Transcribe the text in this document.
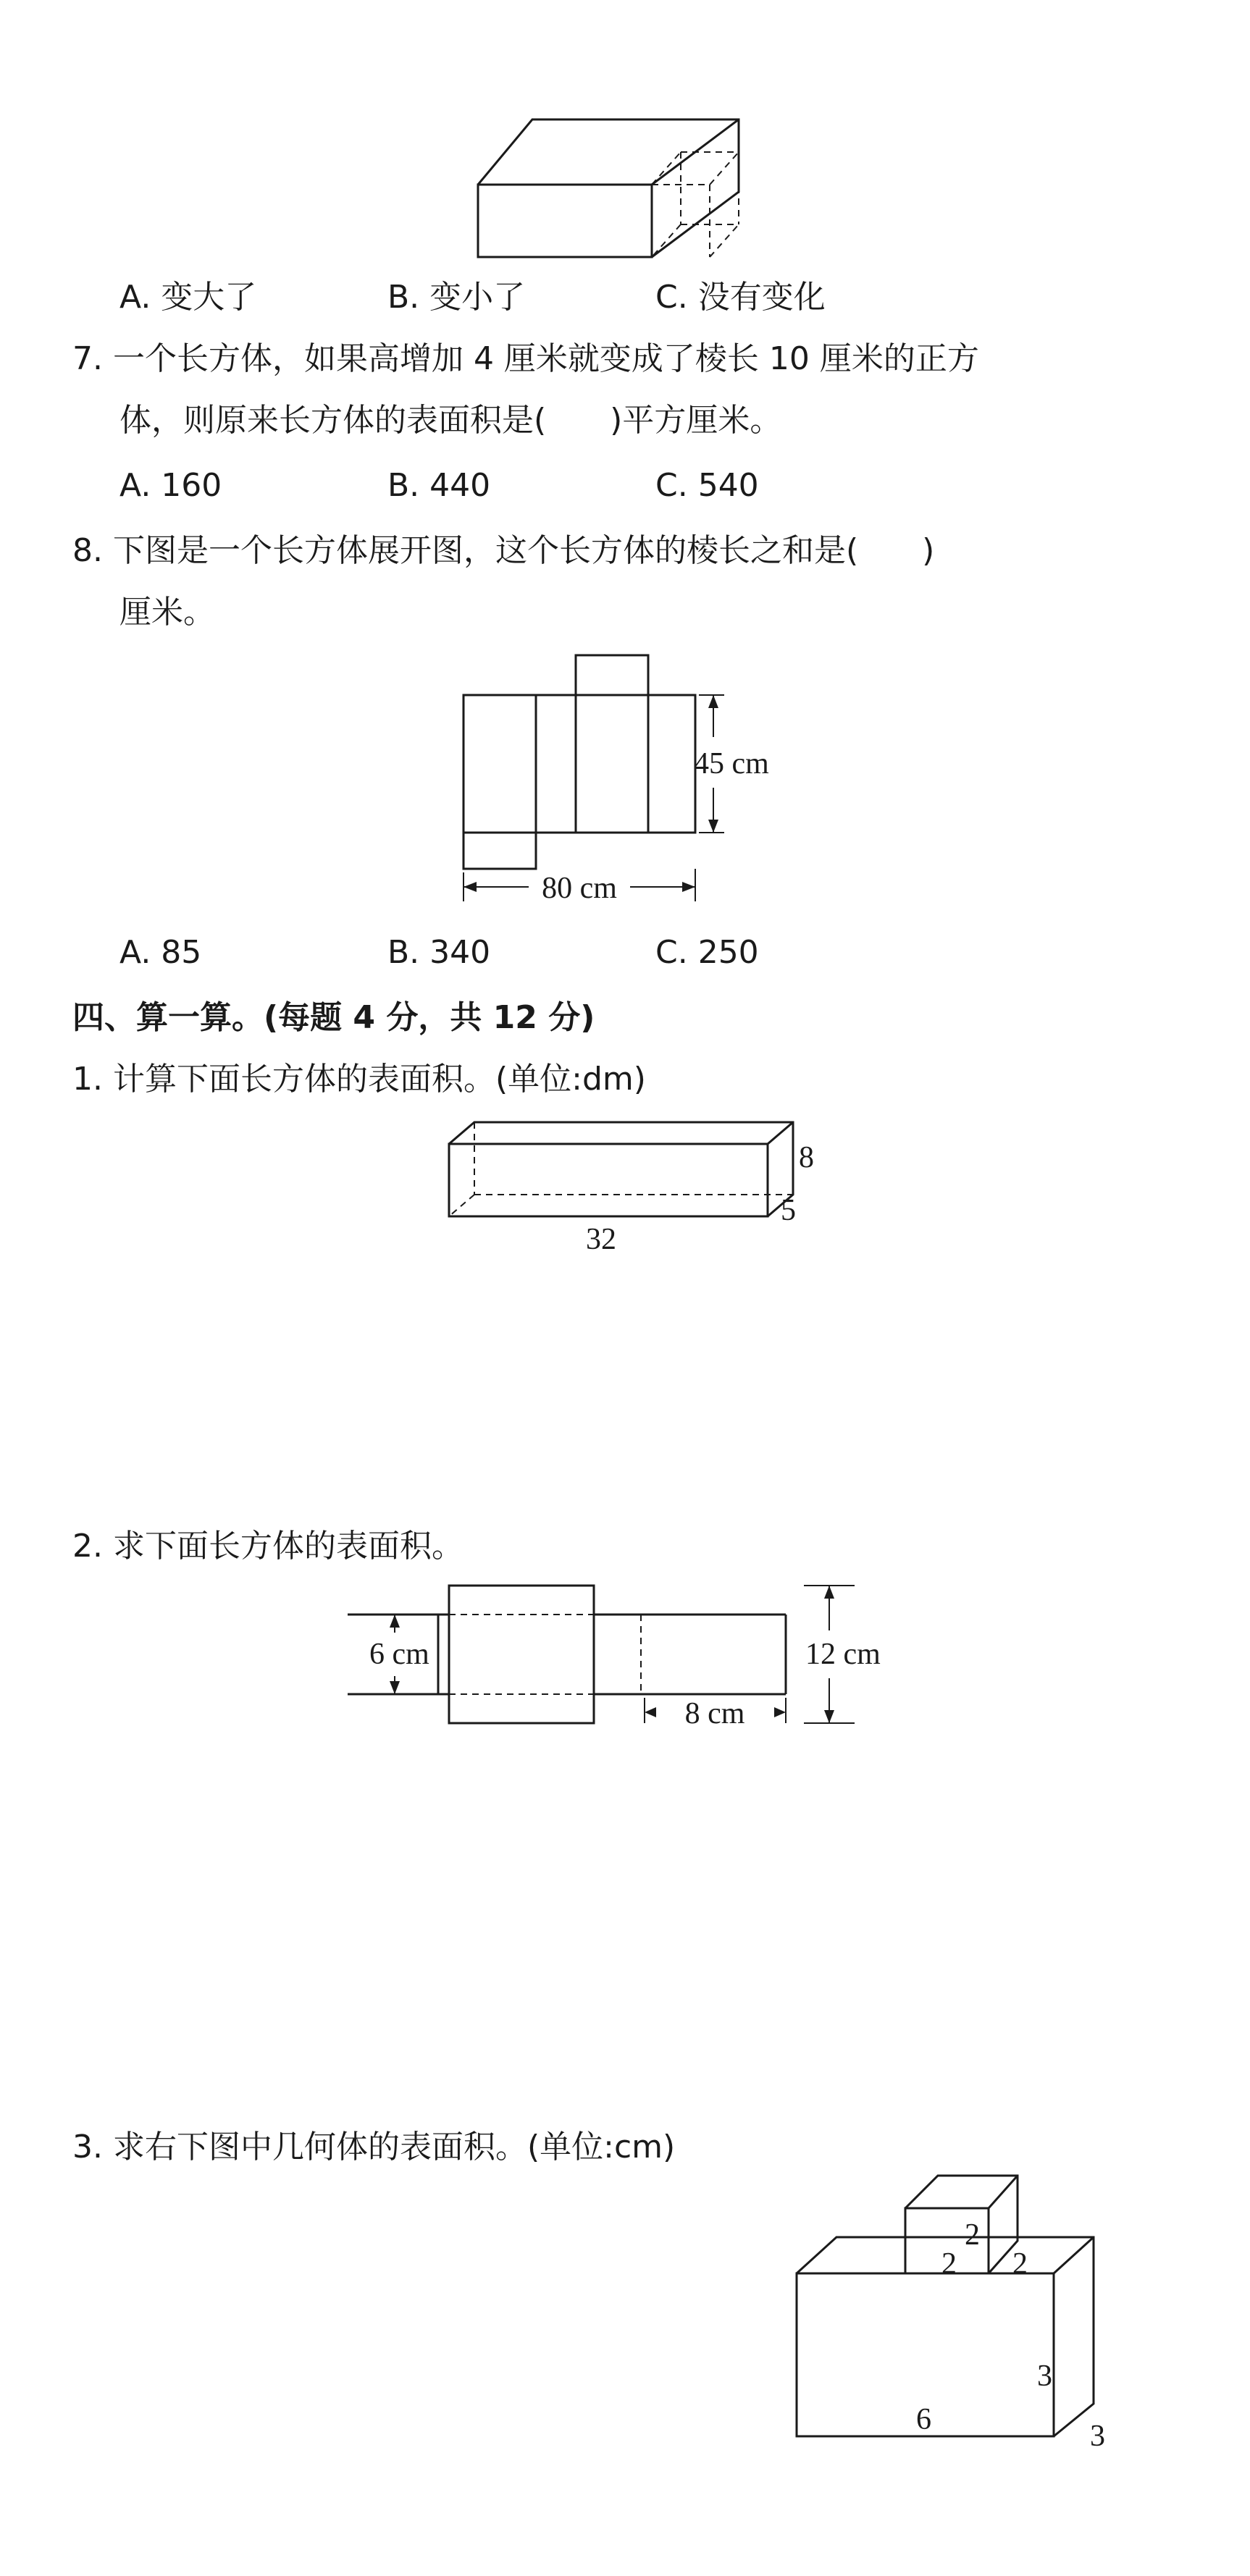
A. 变大了	B. 变小了	C. 没有变化
7. 一个长方体，如果高增加 4 厘米就变成了棱长 10 厘米的正方
体，则原来长方体的表面积是(　　)平方厘米。
A. 160	B. 440	C. 540
8. 下图是一个长方体展开图，这个长方体的棱长之和是(　　)
厘米。
45 cm
80 cm
A. 85	B. 340	C. 250
四、算一算。(每题 4 分，共 12 分)
1. 计算下面长方体的表面积。(单位:dm)
8
5
32
2. 求下面长方体的表面积。
6 cm
8 cm
12 cm
3. 求右下图中几何体的表面积。(单位:cm)
2
2 2
3
6	3
